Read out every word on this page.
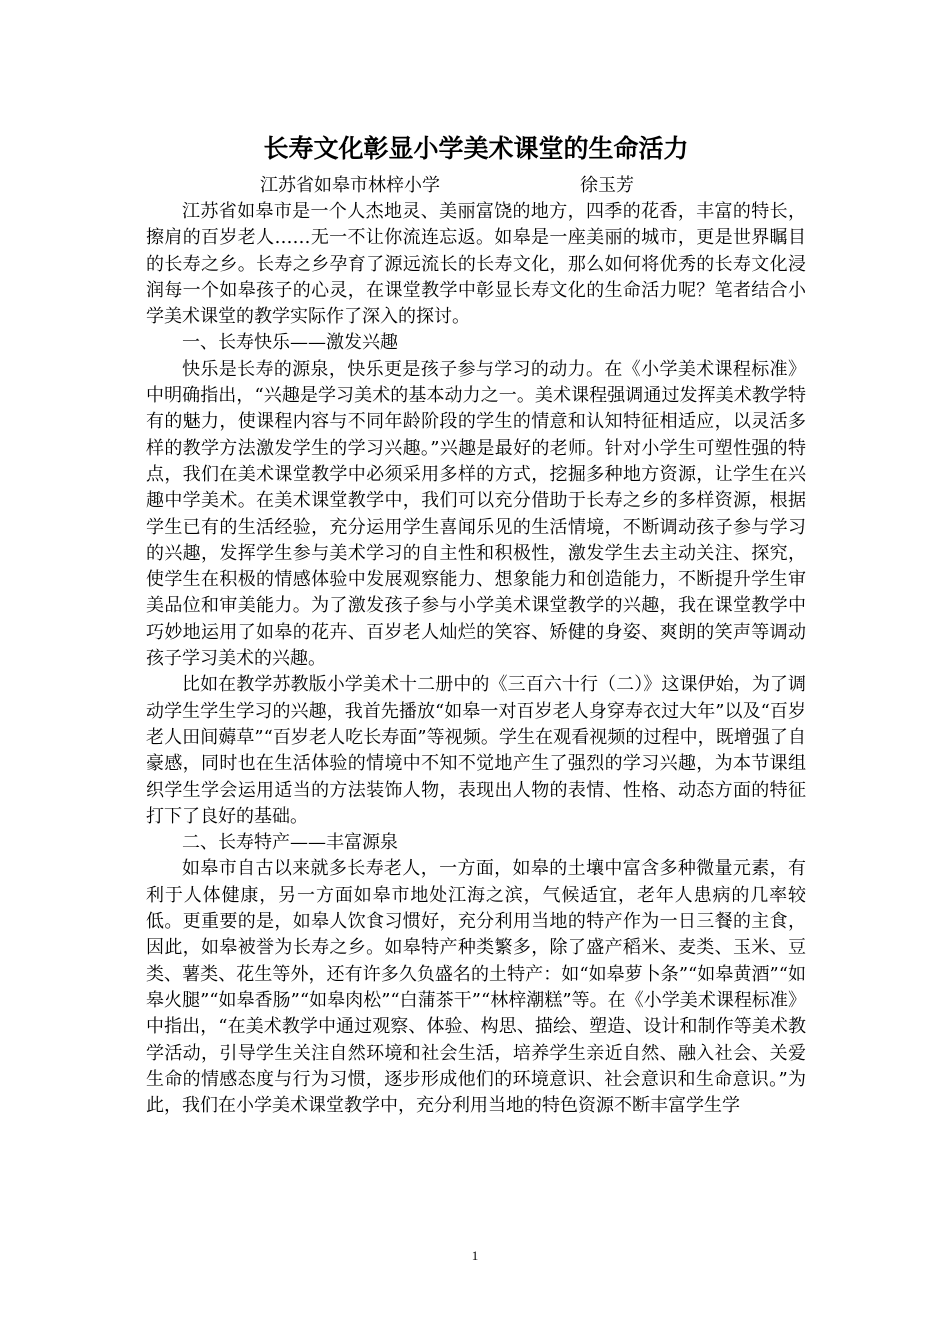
长寿文化彰显小学美术课堂的生命活力
江苏省如皋市林梓小学	徐玉芳

江苏省如皋市是一个人杰地灵、美丽富饶的地方，四季的花香，丰富的特长，擦肩的百岁老人……无一不让你流连忘返。如皋是一座美丽的城市，更是世界瞩目的长寿之乡。长寿之乡孕育了源远流长的长寿文化，那么如何将优秀的长寿文化浸润每一个如皋孩子的心灵，在课堂教学中彰显长寿文化的生命活力呢？笔者结合小学美术课堂的教学实际作了深入的探讨。

一、长寿快乐——激发兴趣

快乐是长寿的源泉，快乐更是孩子参与学习的动力。在《小学美术课程标准》中明确指出，“兴趣是学习美术的基本动力之一。美术课程强调通过发挥美术教学特有的魅力，使课程内容与不同年龄阶段的学生的情意和认知特征相适应，以灵活多样的教学方法激发学生的学习兴趣。”兴趣是最好的老师。针对小学生可塑性强的特点，我们在美术课堂教学中必须采用多样的方式，挖掘多种地方资源，让学生在兴趣中学美术。在美术课堂教学中，我们可以充分借助于长寿之乡的多样资源，根据学生已有的生活经验，充分运用学生喜闻乐见的生活情境，不断调动孩子参与学习的兴趣，发挥学生参与美术学习的自主性和积极性，激发学生去主动关注、探究，使学生在积极的情感体验中发展观察能力、想象能力和创造能力，不断提升学生审美品位和审美能力。为了激发孩子参与小学美术课堂教学的兴趣，我在课堂教学中巧妙地运用了如皋的花卉、百岁老人灿烂的笑容、矫健的身姿、爽朗的笑声等调动孩子学习美术的兴趣。

比如在教学苏教版小学美术十二册中的《三百六十行（二）》这课伊始，为了调动学生学生学习的兴趣，我首先播放“如皋一对百岁老人身穿寿衣过大年”以及“百岁老人田间薅草”“百岁老人吃长寿面”等视频。学生在观看视频的过程中，既增强了自豪感，同时也在生活体验的情境中不知不觉地产生了强烈的学习兴趣，为本节课组织学生学会运用适当的方法装饰人物，表现出人物的表情、性格、动态方面的特征打下了良好的基础。

二、长寿特产——丰富源泉

如皋市自古以来就多长寿老人，一方面，如皋的土壤中富含多种微量元素，有利于人体健康，另一方面如皋市地处江海之滨，气候适宜，老年人患病的几率较低。更重要的是，如皋人饮食习惯好，充分利用当地的特产作为一日三餐的主食，因此，如皋被誉为长寿之乡。如皋特产种类繁多，除了盛产稻米、麦类、玉米、豆类、薯类、花生等外，还有许多久负盛名的土特产：如“如皋萝卜条”“如皋黄酒”“如皋火腿”“如皋香肠”“如皋肉松”“白蒲茶干”“林梓潮糕”等。在《小学美术课程标准》中指出，“在美术教学中通过观察、体验、构思、描绘、塑造、设计和制作等美术教学活动，引导学生关注自然环境和社会生活，培养学生亲近自然、融入社会、关爱生命的情感态度与行为习惯，逐步形成他们的环境意识、社会意识和生命意识。”为此，我们在小学美术课堂教学中，充分利用当地的特色资源不断丰富学生学

1
